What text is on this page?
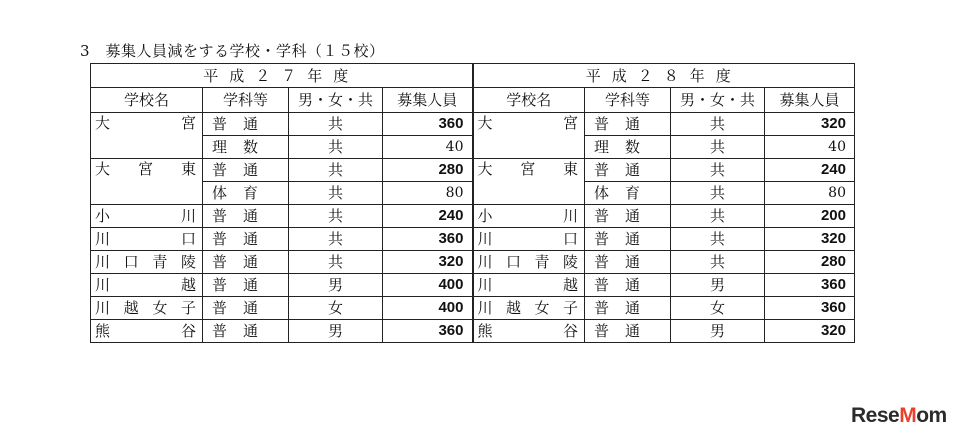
3　募集人員減をする学校・学科（１５校）
平成２７年度				平成２８年度			
学校名	学科等	男・女・共	募集人員	学校名	学科等	男・女・共	募集人員
大宮	普通	共	360	大宮	普通	共	320
	理数	共	40		理数	共	40
大宮東	普通	共	280	大宮東	普通	共	240
	体育	共	80		体育	共	80
小川	普通	共	240	小川	普通	共	200
川口	普通	共	360	川口	普通	共	320
川口青陵	普通	共	320	川口青陵	普通	共	280
川越	普通	男	400	川越	普通	男	360
川越女子	普通	女	400	川越女子	普通	女	360
熊谷	普通	男	360	熊谷	普通	男	320
ReseMom
